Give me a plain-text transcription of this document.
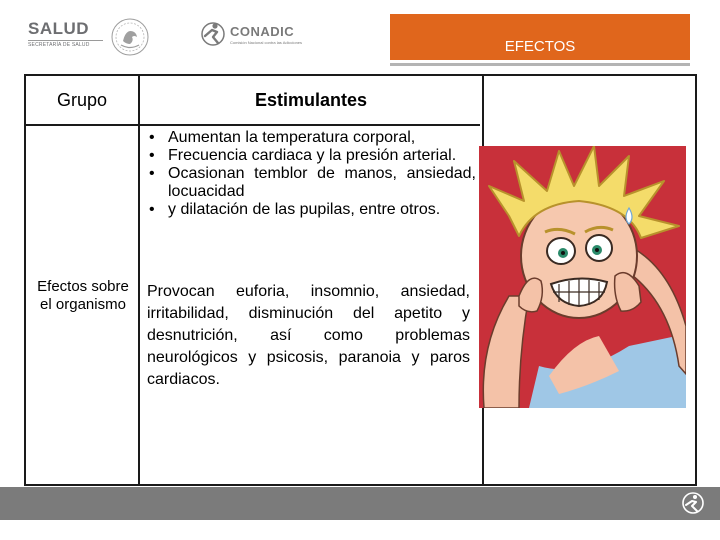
SALUD
SECRETARÍA DE SALUD
CONADIC
Comisión Nacional contra las Adicciones	EFECTOS
Grupo	Estimulantes
• Aumentan la temperatura corporal,
• Frecuencia cardiaca y la presión arterial.
• Ocasionan temblor de manos, ansiedad, locuacidad
• y dilatación de las pupilas, entre otros.
Efectos sobre el organismo

Provocan euforia, insomnio, ansiedad, irritabilidad, disminución del apetito y desnutrición, así como problemas neurológicos y psicosis, paranoia y paros cardiacos.
